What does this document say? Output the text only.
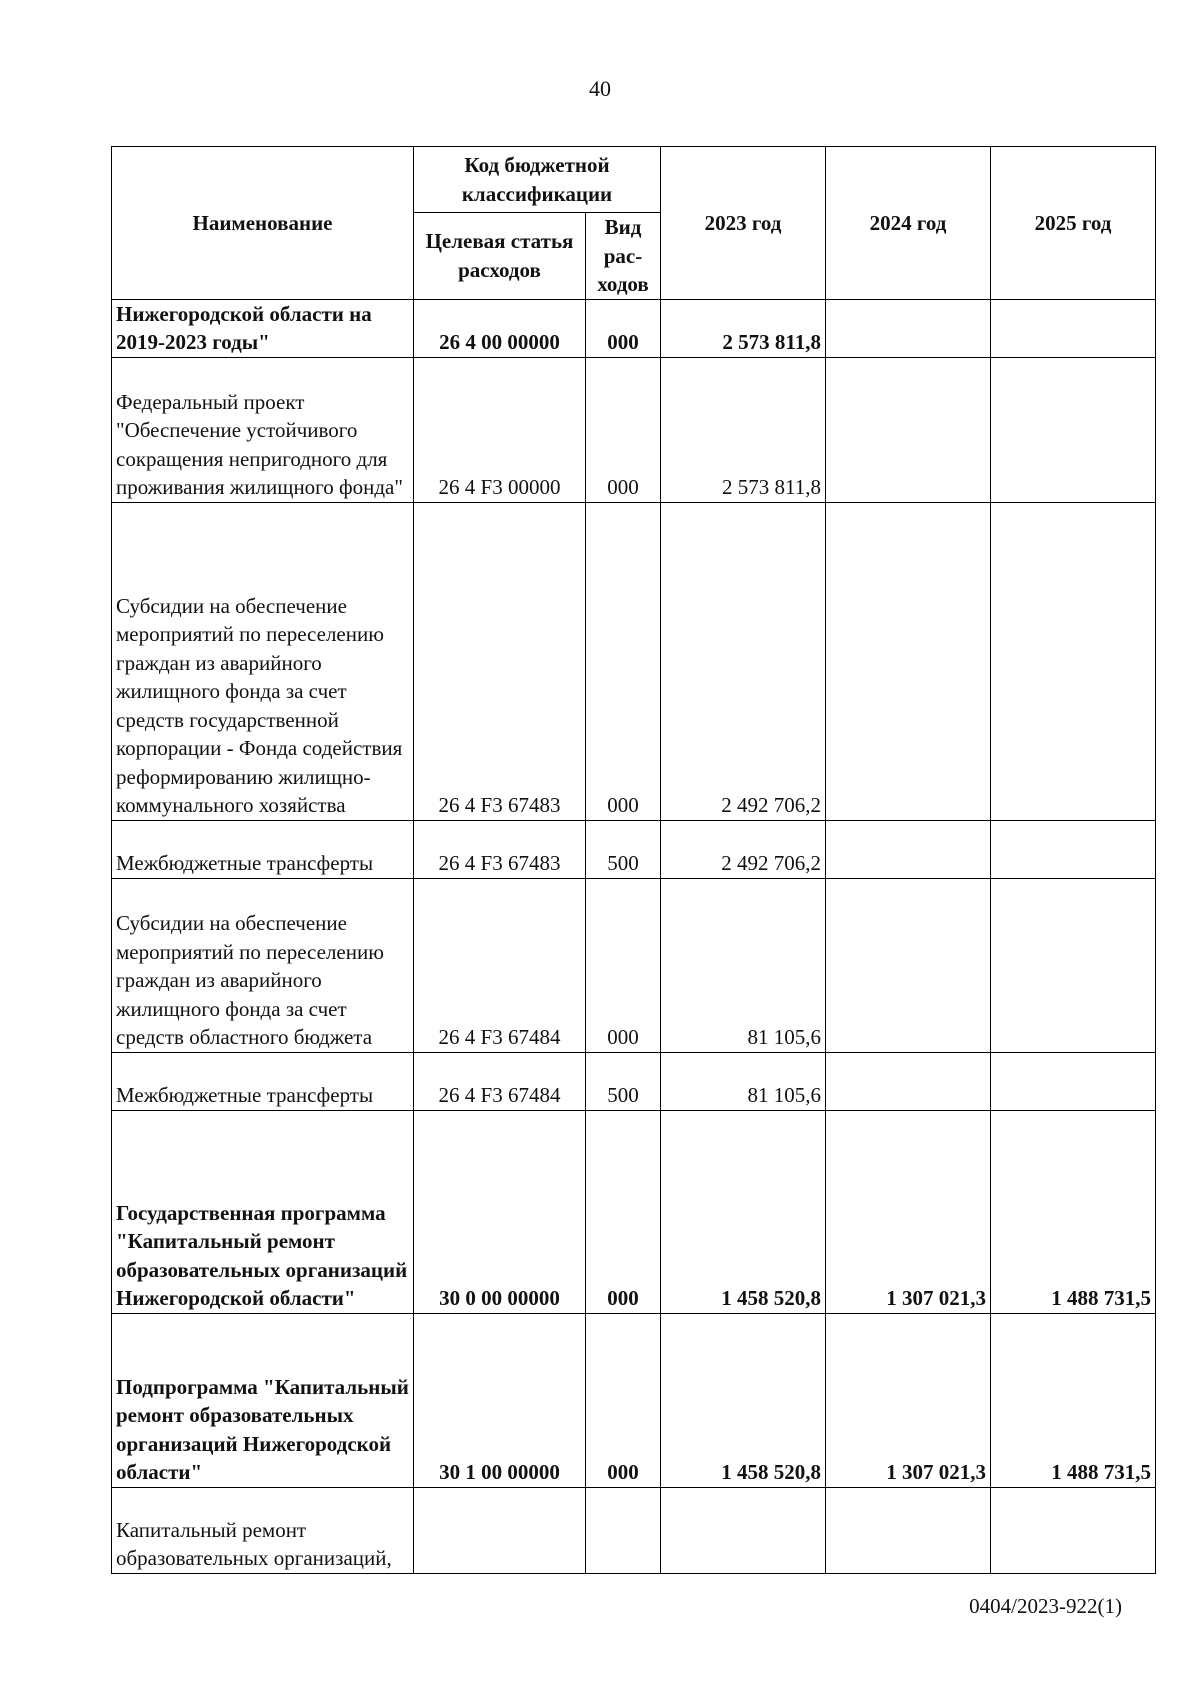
40
Наименование	Код бюджетной классификации		2023 год	2024 год	2025 год
	Целевая статья расходов	Вид рас-ходов			
Нижегородской области на 2019-2023 годы"	26 4 00 00000	000	2 573 811,8		
Федеральный проект "Обеспечение устойчивого сокращения непригодного для проживания жилищного фонда"	26 4 F3 00000	000	2 573 811,8		
Субсидии на обеспечение мероприятий по переселению граждан из аварийного жилищного фонда за счет средств государственной корпорации - Фонда содействия реформированию жилищно-коммунального хозяйства	26 4 F3 67483	000	2 492 706,2		
Межбюджетные трансферты	26 4 F3 67483	500	2 492 706,2		
Субсидии на обеспечение мероприятий по переселению граждан из аварийного жилищного фонда за счет средств областного бюджета	26 4 F3 67484	000	81 105,6		
Межбюджетные трансферты	26 4 F3 67484	500	81 105,6		
Государственная программа "Капитальный ремонт образовательных организаций Нижегородской области"	30 0 00 00000	000	1 458 520,8	1 307 021,3	1 488 731,5
Подпрограмма "Капитальный ремонт образовательных организаций Нижегородской области"	30 1 00 00000	000	1 458 520,8	1 307 021,3	1 488 731,5
Капитальный ремонт образовательных организаций,					
0404/2023-922(1)
